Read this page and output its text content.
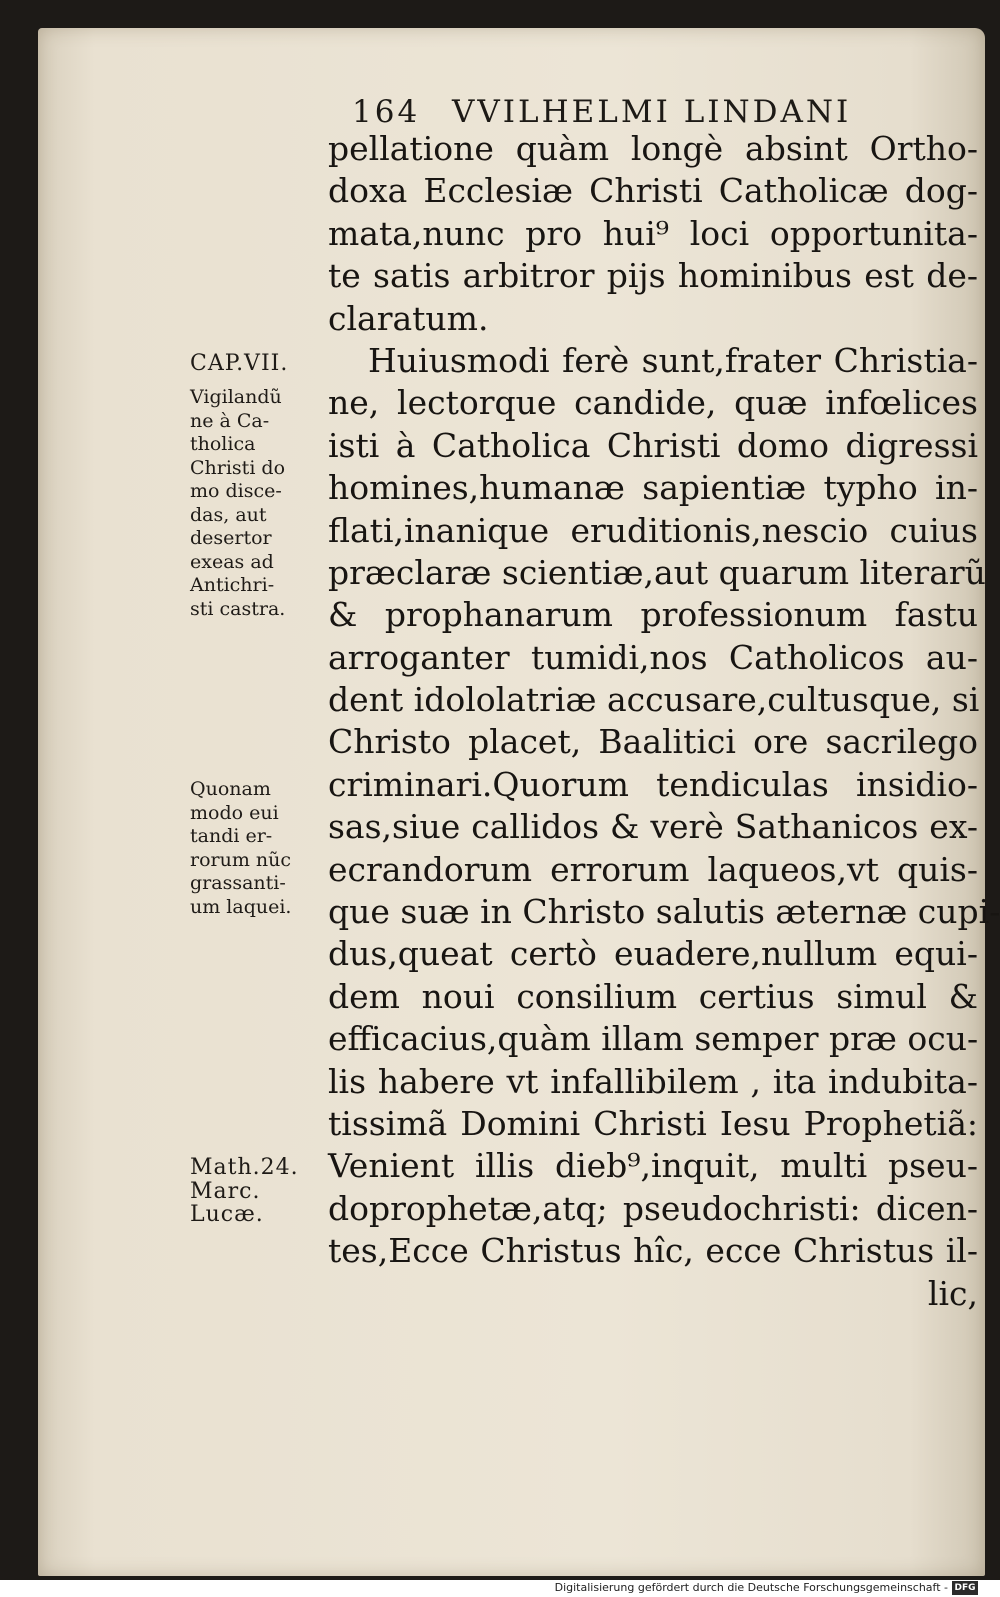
164 VVILHELMI LINDANI
pellatione quàm longè absint Ortho-
doxa Ecclesiæ Christi Catholicæ dog-
mata,nunc pro hui⁹ loci opportunita-
te satis arbitror pijs hominibus est de-
claratum.
Huiusmodi ferè sunt,frater Christia-
ne, lectorque candide, quæ infœlices
isti à Catholica Christi domo digressi
homines,humanæ sapientiæ typho in-
flati,inanique eruditionis,nescio cuius
præclaræ scientiæ,aut quarum literarũ
& prophanarum professionum fastu
arroganter tumidi,nos Catholicos au-
dent idololatriæ accusare,cultusque, si
Christo placet, Baalitici ore sacrilego
criminari.Quorum tendiculas insidio-
sas,siue callidos & verè Sathanicos ex-
ecrandorum errorum laqueos,vt quis-
que suæ in Christo salutis æternæ cupi-
dus,queat certò euadere,nullum equi-
dem noui consilium certius simul &
efficacius,quàm illam semper præ ocu-
lis habere vt infallibilem , ita indubita-
tissimã Domini Christi Iesu Prophetiã:
Venient illis dieb⁹,inquit, multi pseu-
doprophetæ,atq; pseudochristi: dicen-
tes,Ecce Christus hîc, ecce Christus il-
lic,
CAP.VII.
Vigilandũ
ne à Ca-
tholica
Christi do
mo disce-
das, aut
desertor
exeas ad
Antichri-
sti castra.
Quonam
modo eui
tandi er-
rorum nũc
grassanti-
um laquei.
Math.24.
Marc.
Lucæ.
Digitalisierung gefördert durch die Deutsche Forschungsgemeinschaft - DFG
